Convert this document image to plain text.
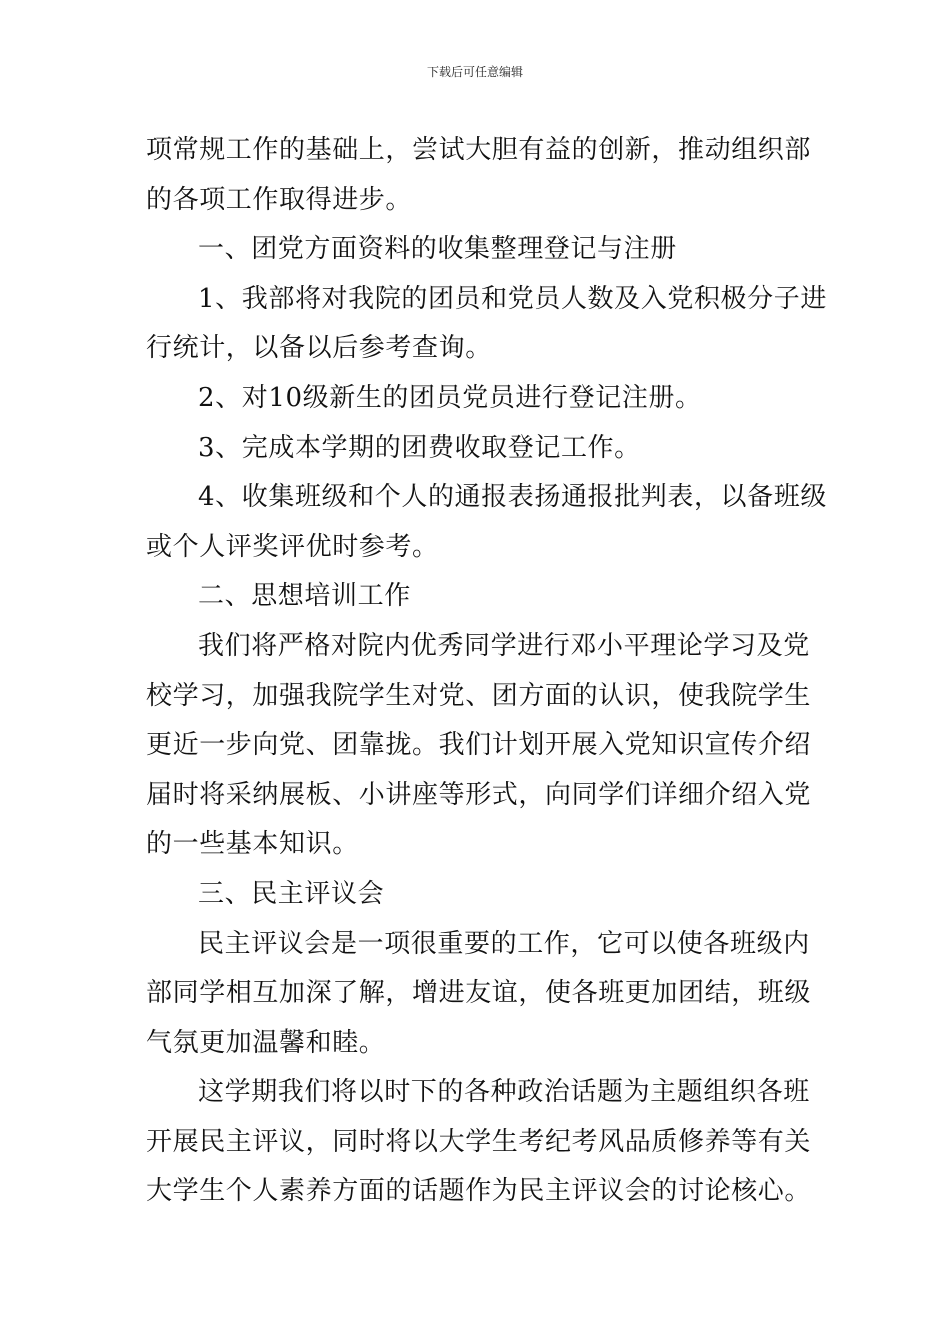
下载后可任意编辑

项常规工作的基础上，尝试大胆有益的创新，推动组织部
的各项工作取得进步。

一、团党方面资料的收集整理登记与注册

1、我部将对我院的团员和党员人数及入党积极分子进
行统计，以备以后参考查询。

2、对10级新生的团员党员进行登记注册。

3、完成本学期的团费收取登记工作。

4、收集班级和个人的通报表扬通报批判表，以备班级
或个人评奖评优时参考。

二、思想培训工作

我们将严格对院内优秀同学进行邓小平理论学习及党
校学习，加强我院学生对党、团方面的认识，使我院学生
更近一步向党、团靠拢。我们计划开展入党知识宣传介绍
届时将采纳展板、小讲座等形式，向同学们详细介绍入党
的一些基本知识。

三、民主评议会

民主评议会是一项很重要的工作，它可以使各班级内
部同学相互加深了解，增进友谊，使各班更加团结，班级
气氛更加温馨和睦。

这学期我们将以时下的各种政治话题为主题组织各班
开展民主评议，同时将以大学生考纪考风品质修养等有关
大学生个人素养方面的话题作为民主评议会的讨论核心。
